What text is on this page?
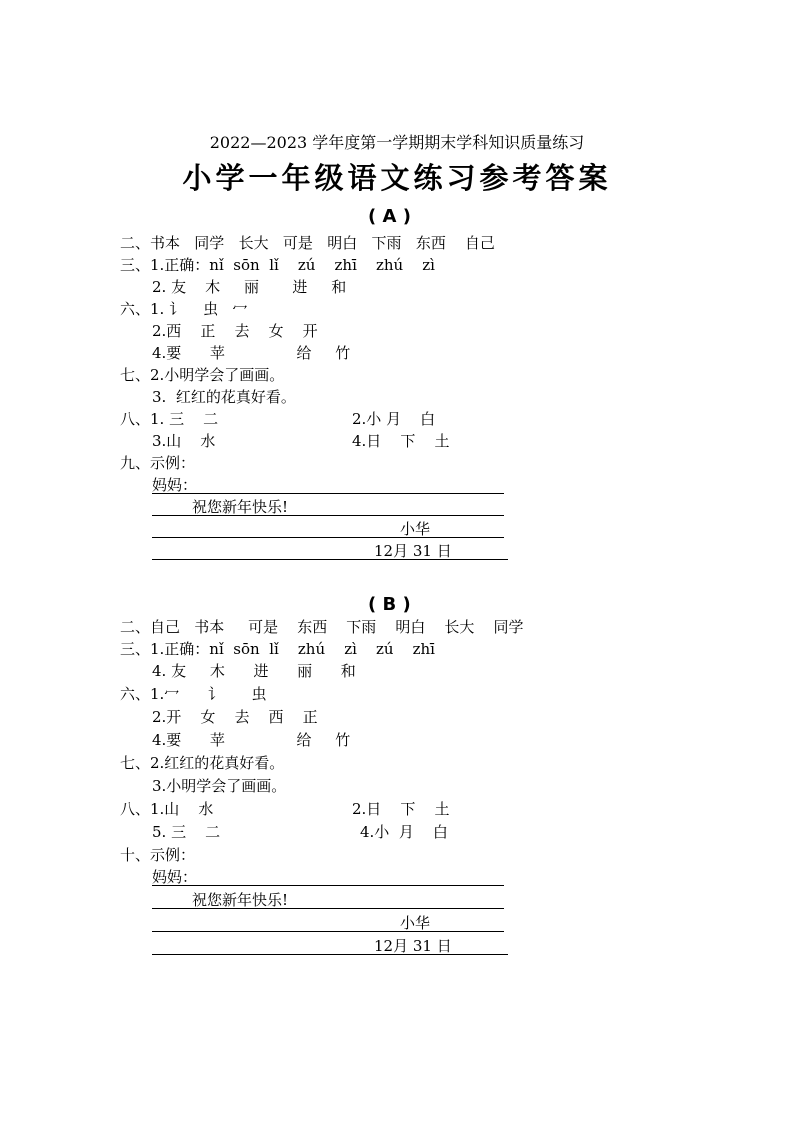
2022—2023 学年度第一学期期末学科知识质量练习
小学一年级语文练习参考答案
( A )
二、书本   同学   长大   可是   明白   下雨   东西    自己
三、1.正确：nǐ  sōn  lǐ    zú    zhī    zhú    zì
2. 友    木     丽       进     和
六、1. 讠    虫   冖
2.西    正    去    女    开
4.要      苹               给     竹
七、2.小明学会了画画。
3.  红红的花真好看。
八、1. 三    二	2.小 月    白
3.山    水	4.日    下    土
九、示例：
妈妈：
祝您新年快乐!
小华
12月 31 日
( B )
二、自己   书本     可是    东西    下雨    明白    长大    同学
三、1.正确：nǐ  sōn  lǐ    zhú    zì    zú    zhī
4. 友     木      进      丽      和
六、1.冖      讠      虫
2.开    女    去    西    正
4.要      苹               给     竹
七、2.红红的花真好看。
3.小明学会了画画。
八、1.山    水	2.日    下    土
5. 三    二	4.小  月    白
十、示例：
妈妈：
祝您新年快乐!
小华
12月 31 日
